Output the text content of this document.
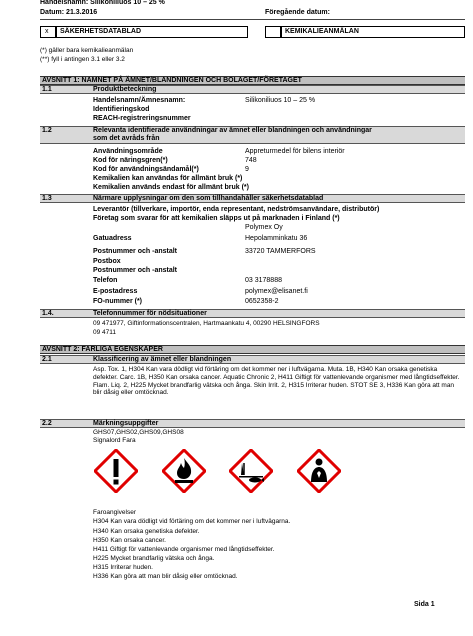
Handelsnamn: Silikoniliuos 10 – 25 %
Datum: 21.3.2016	Föregående datum:
x SÄKERHETSDATABLAD	KEMIKALIEANMÄLAN
(*) gäller bara kemikalieanmälan
(**) fyll i antingen 3.1 eller 3.2
AVSNITT 1: NAMNET PÅ ÄMNET/BLANDNINGEN OCH BOLAGET/FÖRETAGET
1.1	Produktbeteckning
Handelsnamn/Ämnesnamn:	Silikoniliuos 10 – 25 %
Identifieringskod
REACH-registreringsnummer
1.2	Relevanta identifierade användningar av ämnet eller blandningen och användningar
som det avråds från
Användningsområde	Appreturmedel för bilens interiör
Kod för näringsgren(*)	748
Kod för användningsändamål(*)	9
Kemikalien kan användas för allmänt bruk (*)
Kemikalien används endast för allmänt bruk (*)
1.3	Närmare upplysningar om den som tillhandahåller säkerhetsdatablad
Leverantör (tillverkare, importör, enda representant, nedströmsanvändare, distributör)
Företag som svarar för att kemikalien släpps ut på marknaden i Finland (*)
Polymex Oy
Gatuadress	Hepolamminkatu 36
Postnummer och -anstalt	33720 TAMMERFORS
Postbox
Postnummer och -anstalt
Telefon	03 3178888
E-postadress	polymex@elisanet.fi
FO-nummer (*)	0652358-2
1.4.	Telefonnummer för nödsituationer
09 471977, Giftinformationscentralen, Hartmaankatu 4, 00290 HELSINGFORS
09 4711
AVSNITT 2: FARLIGA EGENSKAPER
2.1	Klassificering av ämnet eller blandningen
Asp. Tox. 1, H304 Kan vara dödligt vid förtäring om det kommer ner i luftvägarna. Muta. 1B, H340 Kan orsaka genetiska defekter. Carc. 1B, H350 Kan orsaka cancer. Aquatic Chronic 2, H411 Giftigt för vattenlevande organismer med långtidseffekter. Flam. Liq. 2, H225 Mycket brandfarlig vätska och ånga. Skin Irrit. 2, H315 Irriterar huden. STOT SE 3, H336 Kan göra att man blir dåsig eller omtöcknad.
2.2	Märkningsuppgifter
GHS07,GHS02,GHS09,GHS08
Signalord Fara
Faroangivelser
H304 Kan vara dödligt vid förtäring om det kommer ner i luftvägarna.
H340 Kan orsaka genetiska defekter.
H350 Kan orsaka cancer.
H411 Giftigt för vattenlevande organismer med långtidseffekter.
H225 Mycket brandfarlig vätska och ånga.
H315 Irriterar huden.
H336 Kan göra att man blir dåsig eller omtöcknad.
Sida 1
